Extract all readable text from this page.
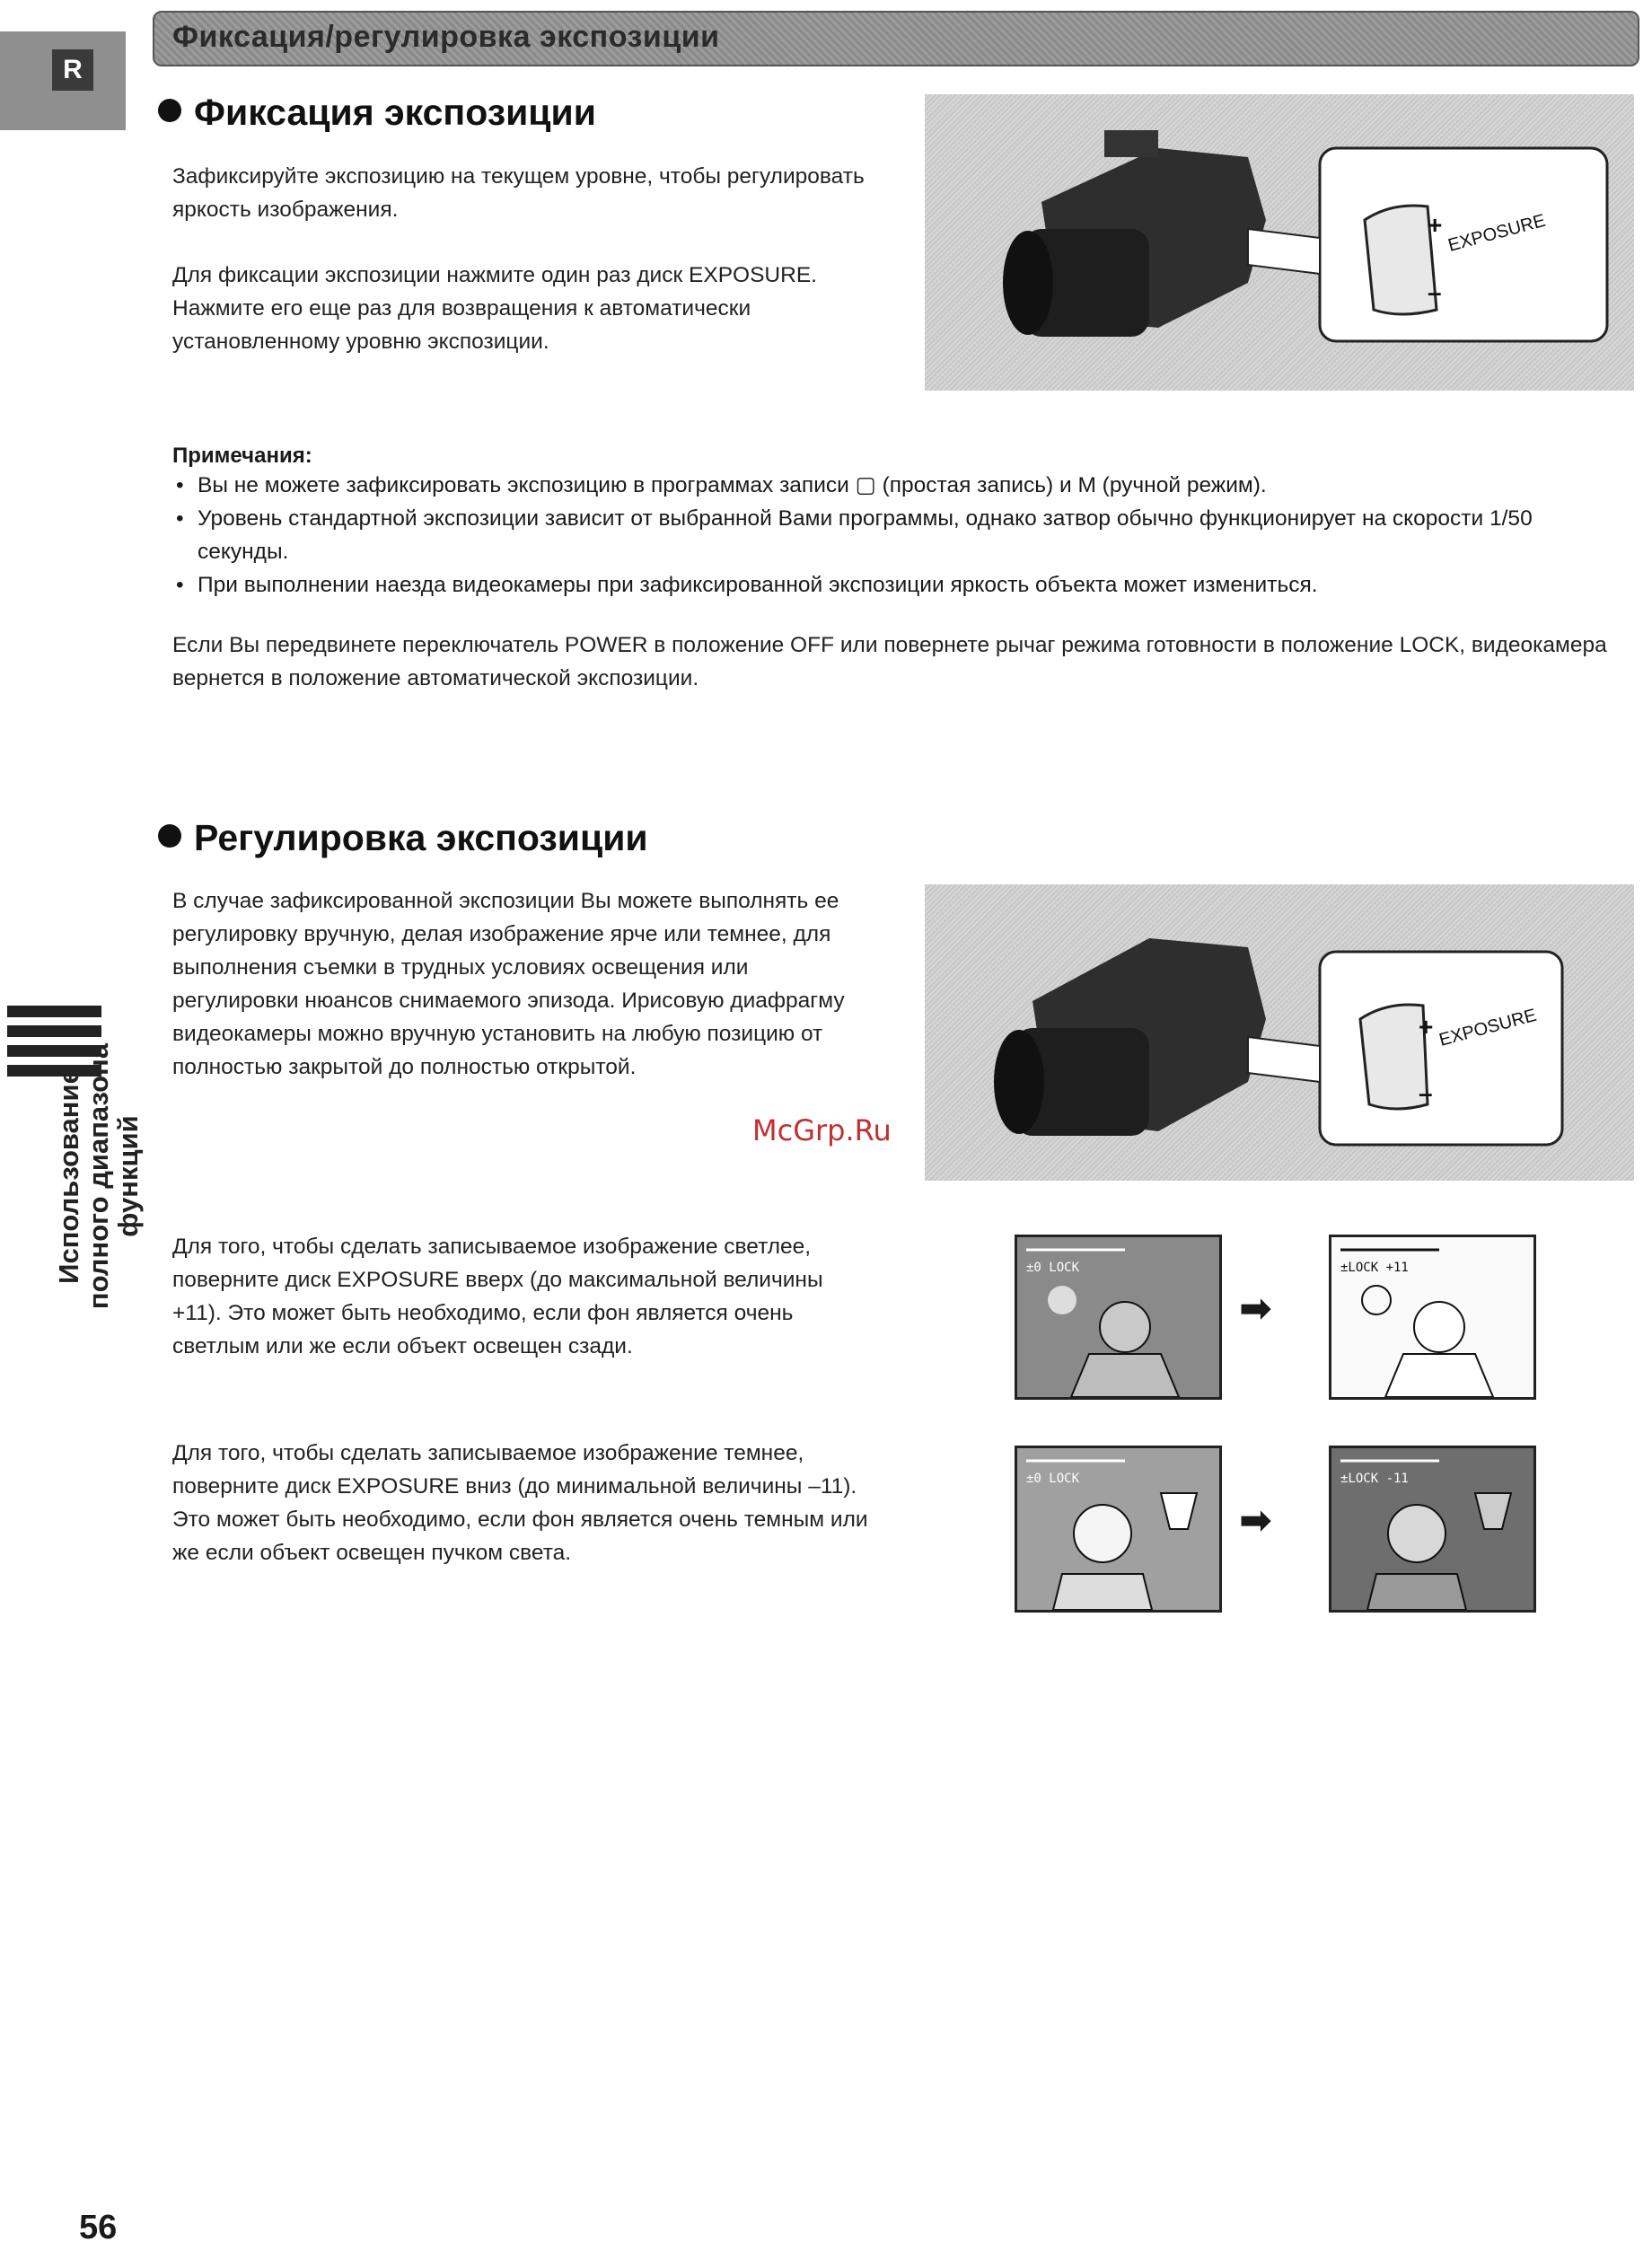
R
Фиксация/регулировка экспозиции
Фиксация экспозиции

Зафиксируйте экспозицию на текущем уровне, чтобы регулировать яркость изображения.

Для фиксации экспозиции нажмите один раз диск EXPOSURE. Нажмите его еще раз для возвращения к автоматически установленному уровню экспозиции.

+
–
EXPOSURE
Примечания:
• Вы не можете зафиксировать экспозицию в программах записи ▢ (простая запись) и М (ручной режим).
• Уровень стандартной экспозиции зависит от выбранной Вами программы, однако затвор обычно функционирует на скорости 1/50 секунды.
• При выполнении наезда видеокамеры при зафиксированной экспозиции яркость объекта может измениться.
Если Вы передвинете переключатель POWER в положение OFF или повернете рычаг режима готовности в положение LOCK, видеокамера вернется в положение автоматической экспозиции.
Регулировка экспозиции
В случае зафиксированной экспозиции Вы можете выполнять ее регулировку вручную, делая изображение ярче или темнее, для выполнения съемки в трудных условиях освещения или регулировки нюансов снимаемого эпизода. Ирисовую диафрагму видеокамеры можно вручную установить на любую позицию от полностью закрытой до полностью открытой.
+
–
EXPOSURE
Для того, чтобы сделать записываемое изображение светлее, поверните диск EXPOSURE вверх (до максимальной величины +11). Это может быть необходимо, если фон является очень светлым или же если объект освещен сзади.
Для того, чтобы сделать записываемое изображение темнее, поверните диск EXPOSURE вниз (до минимальной величины –11). Это может быть необходимо, если фон является очень темным или же если объект освещен пучком света.
±0 LOCK
➡
±LOCK +11
±0 LOCK
➡
±LOCK -11
Использование
полного диапазона
функций	McGrp.Ru
56
